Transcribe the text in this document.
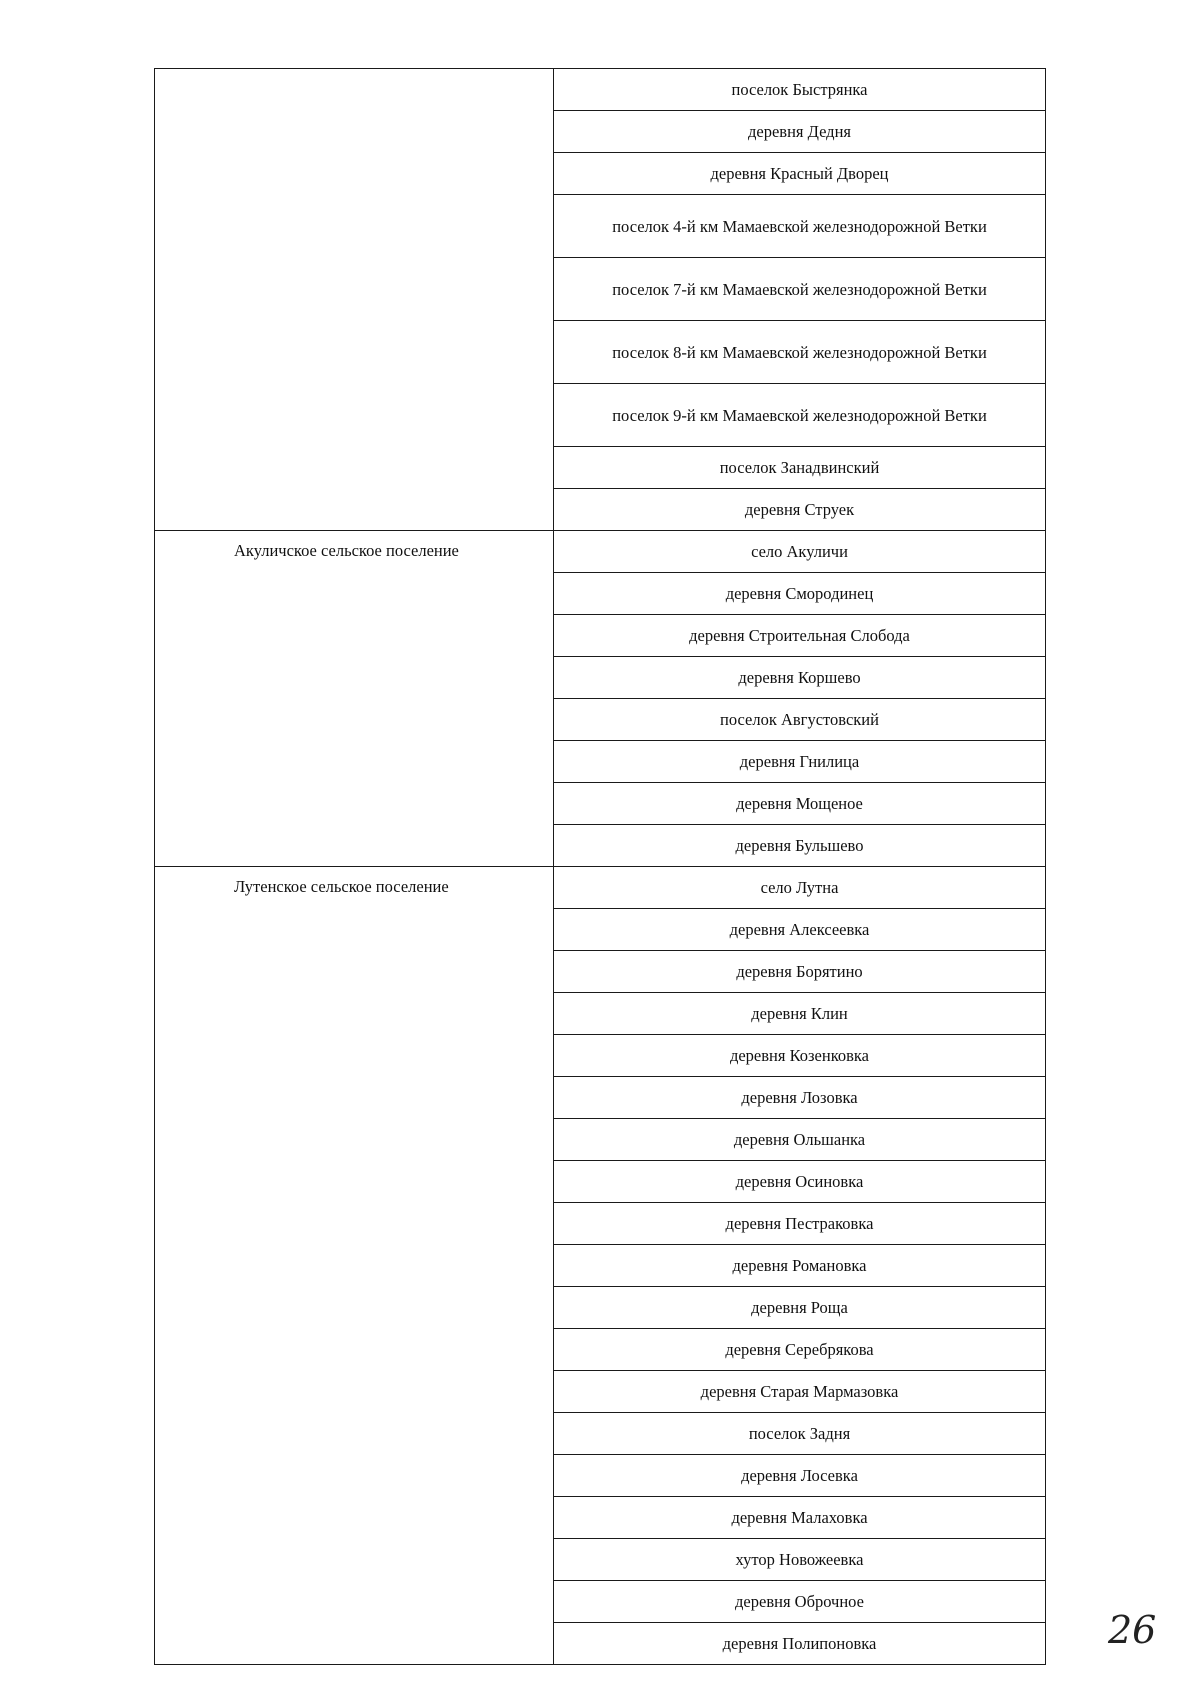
	поселок Быстрянка
	деревня Дедня
	деревня Красный Дворец
	поселок 4-й км Мамаевской железнодорожной Ветки
	поселок 7-й км Мамаевской железнодорожной Ветки
	поселок 8-й км Мамаевской железнодорожной Ветки
	поселок 9-й км Мамаевской железнодорожной Ветки
	поселок Занадвинский
	деревня Струек

Акуличское сельское поселение	село Акуличи
	деревня Смородинец
	деревня Строительная Слобода
	деревня Коршево
	поселок Августовский
	деревня Гнилица
	деревня Мощеное
	деревня Бульшево

Лутенское сельское поселение	село Лутна
	деревня Алексеевка
	деревня Борятино
	деревня Клин
	деревня Козенковка
	деревня Лозовка
	деревня Ольшанка
	деревня Осиновка
	деревня Пестраковка
	деревня Романовка
	деревня Роща
	деревня Серебрякова
	деревня Старая Мармазовка
	поселок Задня
	деревня Лосевка
	деревня Малаховка
	хутор Новожеевка
	деревня Оброчное
	деревня Полипоновка	26
